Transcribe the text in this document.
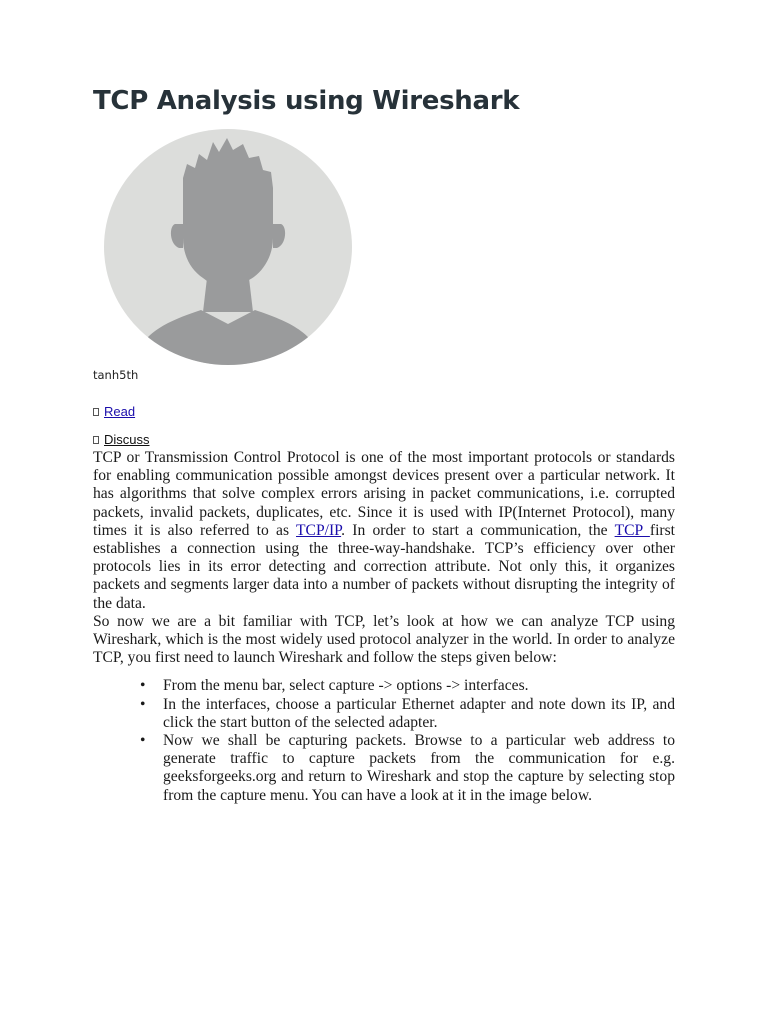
TCP Analysis using Wireshark
tanh5th
Read
Discuss

TCP or Transmission Control Protocol is one of the most important protocols or standards for enabling communication possible amongst devices present over a particular network. It has algorithms that solve complex errors arising in packet communications, i.e. corrupted packets, invalid packets, duplicates, etc. Since it is used with IP(Internet Protocol), many times it is also referred to as TCP/IP. In order to start a communication, the TCP first establishes a connection using the three-way-handshake. TCP’s efficiency over other protocols lies in its error detecting and correction attribute. Not only this, it organizes packets and segments larger data into a number of packets without disrupting the integrity of the data.

So now we are a bit familiar with TCP, let’s look at how we can analyze TCP using Wireshark, which is the most widely used protocol analyzer in the world. In order to analyze TCP, you first need to launch Wireshark and follow the steps given below:

• From the menu bar, select capture -> options -> interfaces.
• In the interfaces, choose a particular Ethernet adapter and note down its IP, and click the start button of the selected adapter.
• Now we shall be capturing packets. Browse to a particular web address to generate traffic to capture packets from the communication for e.g. geeksforgeeks.org and return to Wireshark and stop the capture by selecting stop from the capture menu. You can have a look at it in the image below.
